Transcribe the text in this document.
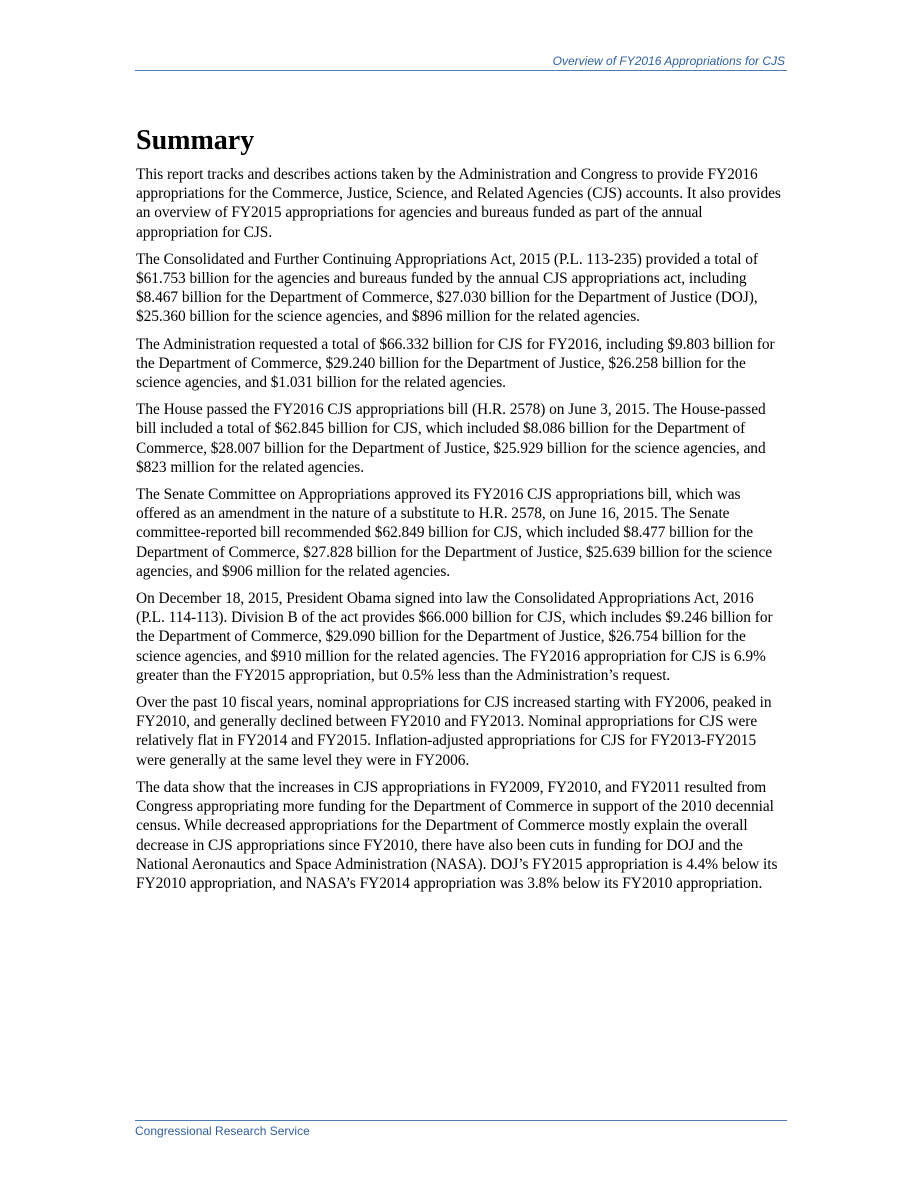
Overview of FY2016 Appropriations for CJS
Summary

This report tracks and describes actions taken by the Administration and Congress to provide FY2016 appropriations for the Commerce, Justice, Science, and Related Agencies (CJS) accounts. It also provides an overview of FY2015 appropriations for agencies and bureaus funded as part of the annual appropriation for CJS.

The Consolidated and Further Continuing Appropriations Act, 2015 (P.L. 113-235) provided a total of $61.753 billion for the agencies and bureaus funded by the annual CJS appropriations act, including $8.467 billion for the Department of Commerce, $27.030 billion for the Department of Justice (DOJ), $25.360 billion for the science agencies, and $896 million for the related agencies.

The Administration requested a total of $66.332 billion for CJS for FY2016, including $9.803 billion for the Department of Commerce, $29.240 billion for the Department of Justice, $26.258 billion for the science agencies, and $1.031 billion for the related agencies.

The House passed the FY2016 CJS appropriations bill (H.R. 2578) on June 3, 2015. The House-passed bill included a total of $62.845 billion for CJS, which included $8.086 billion for the Department of Commerce, $28.007 billion for the Department of Justice, $25.929 billion for the science agencies, and $823 million for the related agencies.

The Senate Committee on Appropriations approved its FY2016 CJS appropriations bill, which was offered as an amendment in the nature of a substitute to H.R. 2578, on June 16, 2015. The Senate committee-reported bill recommended $62.849 billion for CJS, which included $8.477 billion for the Department of Commerce, $27.828 billion for the Department of Justice, $25.639 billion for the science agencies, and $906 million for the related agencies.

On December 18, 2015, President Obama signed into law the Consolidated Appropriations Act, 2016 (P.L. 114-113). Division B of the act provides $66.000 billion for CJS, which includes $9.246 billion for the Department of Commerce, $29.090 billion for the Department of Justice, $26.754 billion for the science agencies, and $910 million for the related agencies. The FY2016 appropriation for CJS is 6.9% greater than the FY2015 appropriation, but 0.5% less than the Administration’s request.

Over the past 10 fiscal years, nominal appropriations for CJS increased starting with FY2006, peaked in FY2010, and generally declined between FY2010 and FY2013. Nominal appropriations for CJS were relatively flat in FY2014 and FY2015. Inflation-adjusted appropriations for CJS for FY2013-FY2015 were generally at the same level they were in FY2006.

The data show that the increases in CJS appropriations in FY2009, FY2010, and FY2011 resulted from Congress appropriating more funding for the Department of Commerce in support of the 2010 decennial census. While decreased appropriations for the Department of Commerce mostly explain the overall decrease in CJS appropriations since FY2010, there have also been cuts in funding for DOJ and the National Aeronautics and Space Administration (NASA). DOJ’s FY2015 appropriation is 4.4% below its FY2010 appropriation, and NASA’s FY2014 appropriation was 3.8% below its FY2010 appropriation.

Congressional Research Service
